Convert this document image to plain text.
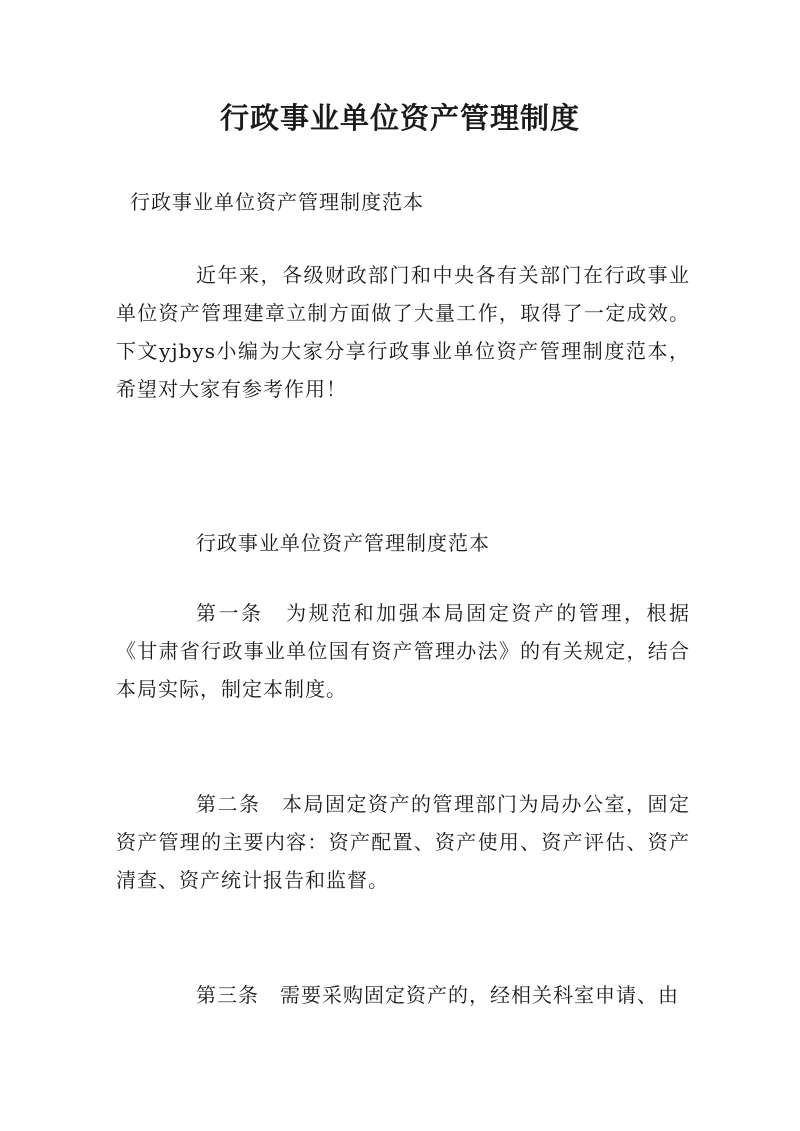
行政事业单位资产管理制度

行政事业单位资产管理制度范本

近年来，各级财政部门和中央各有关部门在行政事业单位资产管理建章立制方面做了大量工作，取得了一定成效。下文yjbys小编为大家分享行政事业单位资产管理制度范本，希望对大家有参考作用！

行政事业单位资产管理制度范本

第一条　为规范和加强本局固定资产的管理，根据《甘肃省行政事业单位国有资产管理办法》的有关规定，结合本局实际，制定本制度。

第二条　本局固定资产的管理部门为局办公室，固定资产管理的主要内容：资产配置、资产使用、资产评估、资产清查、资产统计报告和监督。

第三条　需要采购固定资产的，经相关科室申请、由
